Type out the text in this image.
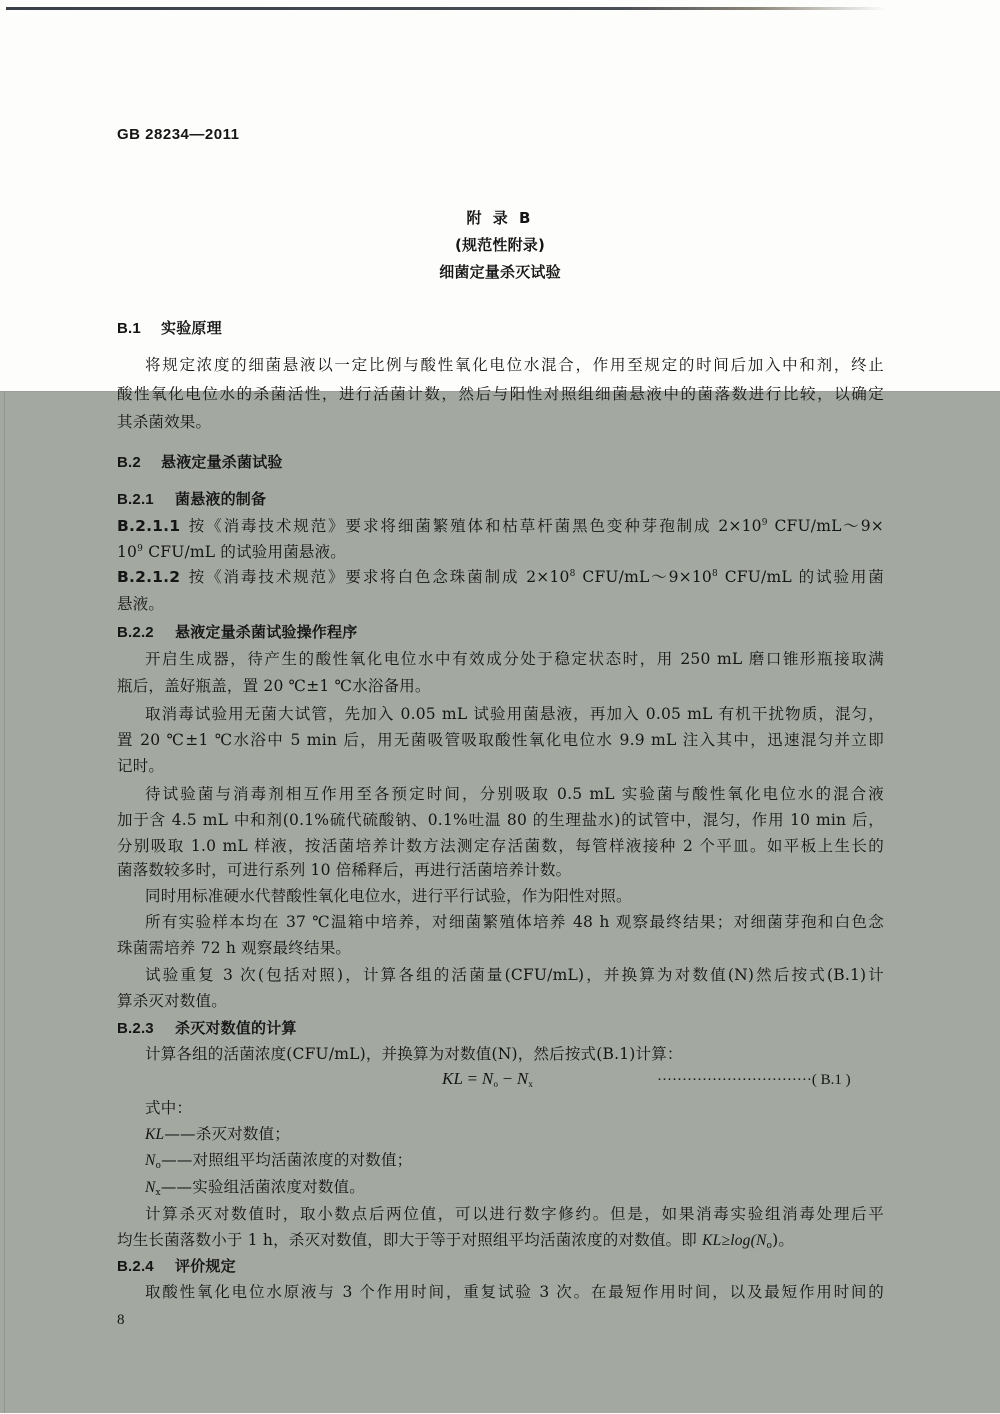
GB 28234—2011
附 录 B
(规范性附录)
细菌定量杀灭试验
B.1 实验原理
将规定浓度的细菌悬液以一定比例与酸性氧化电位水混合，作用至规定的时间后加入中和剂，终止
酸性氧化电位水的杀菌活性，进行活菌计数，然后与阳性对照组细菌悬液中的菌落数进行比较，以确定
其杀菌效果。
B.2 悬液定量杀菌试验
B.2.1 菌悬液的制备
B.2.1.1 按《消毒技术规范》要求将细菌繁殖体和枯草杆菌黑色变种芽孢制成 $2\times 10^9$ CFU/mL～9×
$10^9$ CFU/mL 的试验用菌悬液。
B.2.1.2 按《消毒技术规范》要求将白色念珠菌制成 $2\times 10^8$ CFU/$mL\sim 9\times 10^8$ CFU/mL 的试验用菌
悬液。
B.2.2 悬液定量杀菌试验操作程序
开启生成器，待产生的酸性氧化电位水中有效成分处于稳定状态时，用 250 mL 磨口锥形瓶接取满
瓶后，盖好瓶盖，置 20 ℃±1 ℃水浴备用。
取消毒试验用无菌大试管，先加入 0.05 mL 试验用菌悬液，再加入 0.05 mL 有机干扰物质，混匀，
置 20 ℃±1 ℃水浴中 5 min 后，用无菌吸管吸取酸性氧化电位水 9.9 mL 注入其中，迅速混匀并立即
记时。
待试验菌与消毒剂相互作用至各预定时间，分别吸取 0.5 mL 实验菌与酸性氧化电位水的混合液
加于含 4.5 mL 中和剂(0.1%硫代硫酸钠、0.1%吐温 80 的生理盐水)的试管中，混匀，作用 10 min 后，
分别吸取 1.0 mL 样液，按活菌培养计数方法测定存活菌数，每管样液接种 2 个平皿。如平板上生长的
菌落数较多时，可进行系列 10 倍稀释后，再进行活菌培养计数。
同时用标准硬水代替酸性氧化电位水，进行平行试验，作为阳性对照。
所有实验样本均在 37 ℃温箱中培养，对细菌繁殖体培养 48 h 观察最终结果；对细菌芽孢和白色念
珠菌需培养 72 h 观察最终结果。
试验重复 3 次(包括对照)，计算各组的活菌量(CFU/mL)，并换算为对数值(N)然后按式(B.1)计
算杀灭对数值。
B.2.3 杀灭对数值的计算
计算各组的活菌浓度(CFU/mL)，并换算为对数值(N)，然后按式(B.1)计算：
KL = $N_o - N_x$	·······························( B.1 )
式中：
KL——杀灭对数值；
$N_o——$对照组平均活菌浓度的对数值；
$N_x——$实验组活菌浓度对数值。
计算杀灭对数值时，取小数点后两位值，可以进行数字修约。但是，如果消毒实验组消毒处理后平
均生长菌落数小于 1 h，杀灭对数值，即大于等于对照组平均活菌浓度的对数值。即 $KL\ge\log(N_o)$。
B.2.4 评价规定
取酸性氧化电位水原液与 3 个作用时间，重复试验 3 次。在最短作用时间，以及最短作用时间的
8
